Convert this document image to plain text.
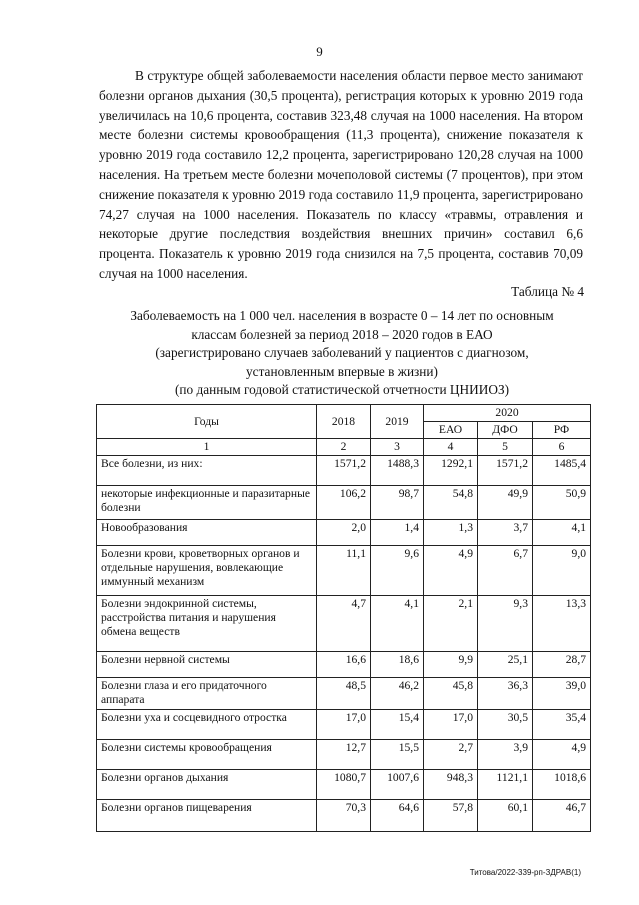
9

В структуре общей заболеваемости населения области первое место занимают болезни органов дыхания (30,5 процента), регистрация которых к уровню 2019 года увеличилась на 10,6 процента, составив 323,48 случая на 1000 населения. На втором месте болезни системы кровообращения (11,3 процента), снижение показателя к уровню 2019 года составило 12,2 процента, зарегистрировано 120,28 случая на 1000 населения. На третьем месте болезни мочеполовой системы (7 процентов), при этом снижение показателя к уровню 2019 года составило 11,9 процента, зарегистрировано 74,27 случая на 1000 населения. Показатель по классу «травмы, отравления и некоторые другие последствия воздействия внешних причин» составил 6,6 процента. Показатель к уровню 2019 года снизился на 7,5 процента, составив 70,09 случая на 1000 населения.

Таблица № 4

Заболеваемость на 1 000 чел. населения в возрасте 0 – 14 лет по основным
классам болезней за период 2018 – 2020 годов в ЕАО
(зарегистрировано случаев заболеваний у пациентов с диагнозом,
установленным впервые в жизни)
(по данным годовой статистической отчетности ЦНИИОЗ)

Годы	2018	2019	2020		
			ЕАО	ДФО	РФ
1	2	3	4	5	6
Все болезни, из них:	1571,2	1488,3	1292,1	1571,2	1485,4
некоторые инфекционные и паразитарные болезни	106,2	98,7	54,8	49,9	50,9
Новообразования	2,0	1,4	1,3	3,7	4,1
Болезни крови, кроветворных органов и отдельные нарушения, вовлекающие иммунный механизм	11,1	9,6	4,9	6,7	9,0
Болезни эндокринной системы, расстройства питания и нарушения обмена веществ	4,7	4,1	2,1	9,3	13,3
Болезни нервной системы	16,6	18,6	9,9	25,1	28,7
Болезни глаза и его придаточного аппарата	48,5	46,2	45,8	36,3	39,0
Болезни уха и сосцевидного отростка	17,0	15,4	17,0	30,5	35,4
Болезни системы кровообращения	12,7	15,5	2,7	3,9	4,9
Болезни органов дыхания	1080,7	1007,6	948,3	1121,1	1018,6
Болезни органов пищеварения	70,3	64,6	57,8	60,1	46,7
Титова/2022-339-рп-ЗДРАВ(1)
